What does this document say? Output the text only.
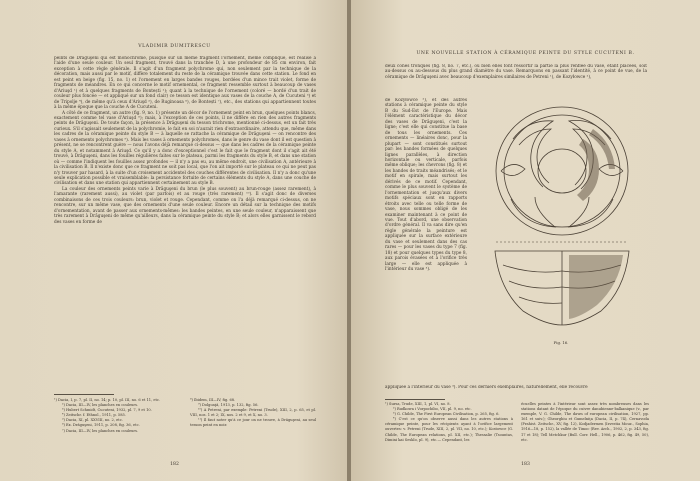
VLADIMIR DUMITRESCU

peints de Drăguşeni qui est monochrome, puisque sur un même fragment l'ornement, même compliqué, est réalisé à l'aide d'une seule couleur. Un seul fragment, trouvé dans la tranchée D, à une profondeur de 85 cm environ, fait exception à cette règle générale. Il s'agit d'un fragment polychrome qui, non seulement par la technique de la décoration, mais aussi par le motif, diffère totalement du reste de la céramique trouvée dans cette station. Le fond en est peint en beige (fig. 15, no. 1) et l'ornement en larges bandes rouges, bordées d'un mince trait violet, forme de fragments de méandres. En ce qui concerne le motif ornemental, ce fragment ressemble surtout à beaucoup de vases d'Ariuşd ¹) et à quelques fragments de Bontești ²); quant à la technique de l'ornement (coloré — bordé d'un trait de couleur plus foncée — et appliqué sur un fond clair) ce tesson est identique aux vases de la couche A, de Cucuteni ³) et de Tripolje ⁴), de même qu'à ceux d'Ariuşd ⁵), de Ruginoasa ⁶), de Bontești ⁷), etc., des stations qui appartiennent toutes à la même époque que la couche A de Cucuteni.

A côté de ce fragment, un autre (fig. 9, no. 1) présente un décor de l'ornement peint en brun, quelques points blancs, exactement comme tel vase d'Ariuşd ⁸); mais, à l'exception de ces points, il ne diffère en rien des autres fragments peints de Drăguşeni. De toute façon, la présence à Drăguşeni du tesson trichrome, mentionné ci-dessus, est un fait très curieux. S'il s'agissait seulement de la polychromie, le fait en soi n'aurait rien d'extraordinaire, attendu que, même dans les cadres de la céramique peinte du style B — à laquelle se rattache la céramique de Drăguşeni — on rencontre des vases à ornements polychromes ⁹). Mais les vases à ornements polychromes, dans le genre du vase dont il est question à présent, ne se rencontrent guère — nous l'avons déjà remarqué ci-dessus — que dans les cadres de la céramique peinte du style A, et notamment à Ariuşd. Ce qu'il y a donc d'exceptionnel c'est le fait que le fragment dont il s'agit ait été trouvé, à Drăguşeni, dans les fouilles régulières faites sur le plateau, parmi les fragments du style B, et dans une station où — comme l'indiquent les fouilles assez profondes — il n'y a pas eu, au même endroit, une civilisation A, antérieure à la civilisation B. Il n'existe donc que ce fragment ne soit pas local, que l'on ait importé sur le plateau ce qui ne peut pas n'y trouver par hasard, à la suite d'un croisement accidentel des couches différentes de civilisation. Il n'y a donc qu'une seule explication possible et vraisemblable: la persistance fortuite de certains éléments du style A, dans une couche de civilisation et dans une station qui appartiennent certainement au style B.

La couleur des ornements peints varie à Drăguşeni du brun (le plus souvent) au brun-rouge (assez rarement), à l'amarante (rarement aussi), au violet (par parfois) et au rouge (très rarement) ¹⁰). Il s'agit donc de diverses combinaisons de ces trois couleurs: brun, violet et rouge. Cependant, comme on l'a déjà remarqué ci-dessus, on ne rencontre, sur un même vase, que des ornements d'une seule couleur. Encore un détail sur la technique des motifs d'ornementation, avant de passer aux ornements-mêmes: les bandes peintes, en une seule couleur, n'apparaissent que très rarement à Drăguşeni de même qu'ailleurs, dans la céramique peinte du style B; et alors elles garnissent le rebord des vases en forme de

¹) Dacia, I, p. 7, pl. II, no. 14; p. 10, pl. III, no. 6 et 11, etc.

²) Dacia, III—IV, les planches en couleurs.

³) Hubert Schmidt, Cucuteni, 1932, pl. 7, 9 et 10.

⁴) Zeitschr. f. Ethnol., 1911, p. 585.

⁵) Dacia, XI, pl. XXVIII, no. 2, etc.

⁶) Ex. Drăguşeni, 1911, p. 208, fig. 36, etc.

⁷) Dacia, III—IV, les planches en couleurs.

⁸) Ibidem, III—IV, fig. 68.

⁹) Dolgoaţă, 1913, p. 132, fig. 56.

¹⁰) A Petreni, par exemple: Petreni (Trude), XIII, 2, p. 65, et pl. VIII, nos. 1 et 2; IX, nos. 2 et 9, et X, no. 3.

¹¹) Il faut noter qu'à ce jour on ne trouve, à Drăguşeni, au seul tesson peint en noir.

182
UNE NOUVELLE STATION À CÉRAMIQUE PEINTE DU STYLE CUCUTENI B.

deux cônes tronqués (fig. 8, no. 7, etc.), ou bien elles font ressortir la partie la plus renflée du vase, étant placées, soit au-dessus ou au-dessous du plus grand diamètre du vase. Remarquons en passant l'identité, à ce point de vue, de la céramique de Drăguşeni avec beaucoup d'exemplaires similaires de Petreni ¹), de Kozyłowce ²),

de Kozyłowce ²), et des autres stations à céramique peinte du style B du Sud-Est de l'Europe. Mais l'élément caractéristique du décor des vases de Drăguşeni, c'est la ligne; c'est elle qui constitue la base de tous les ornements. Ces ornements — linéaires donc, pour la plupart — sont constitués surtout par: les bandes formées de quelques lignes parallèles, à direction horizontale ou verticale, parfois même oblique; les chevrons (fig. 8) et les bandes de traits méandrisés; et le motif en spirale, mais surtout les dérivés de ce motif. Cependant, comme le plus souvent le système de l'ornementation et jusqu'aux divers motifs spéciaux sont en rapports étroits avec telle ou telle forme de vase, nous sommes obligé de les examiner maintenant à ce point de vue. Tout d'abord, une observation d'ordre général. Il va sans dire qu'en règle générale la peinture est appliquée sur la surface extérieure du vase et seulement dans des cas rares — pour les vases du type 7 (fig. 18) et pour quelques types du type 8, aux parois évasées et à l'orifice très large — elle est appliquée à l'intérieur du vase ³).

Fig. 16.

appliquée à l'intérieur du vase ³). Pour ces derniers exemplaires, naturellement, elle recouvre

¹) Sursa, Trude, XIII, 1, pl. VI, no. 8.

²) Rudkowa i Vorpochibo, VII, pl. 9, no. etc.

³) G. Childe, The First European Civilisation, p. 265, fig. 6.

⁴) C'est ce qu'on observe aussi dans les autres stations à céramique peinte, pour les récipients ayant à l'orifice largement ouvertes: v. Petreni (Trude, XIII, 2, pl. VII, no. 10, etc.); Kostowce (G. Childe, The European relations, pl. XII, etc.); Thessalie (Tsountas, Dimini kai Sesklo, pl. 9), etc.— Cependant, les

écuelles peintes à l'intérieur sont assez très nombreuses dans les stations datant de l'époque du cuivre danubienne-balkanique (v., par exemple, V. G. Childe, The dawn of european civilisation, 1927, pp. 161 et suiv.); Gheorghiu et Gumelniţa (Dacia, II, p. 74), Cernavoda (Prahist. Zeitschr., XV, fig. 12), Kodjadermen (Izvestia Mouz., Sophia, 1916—18, p. 152), la vallée de Timoc (Rev. Arch., 1902, 2, p. 343, fig. 17 et 18); Tell Metchkur (Bull. Corr. Hell., 1906, p. 462, fig. 49, 50), etc.

183
